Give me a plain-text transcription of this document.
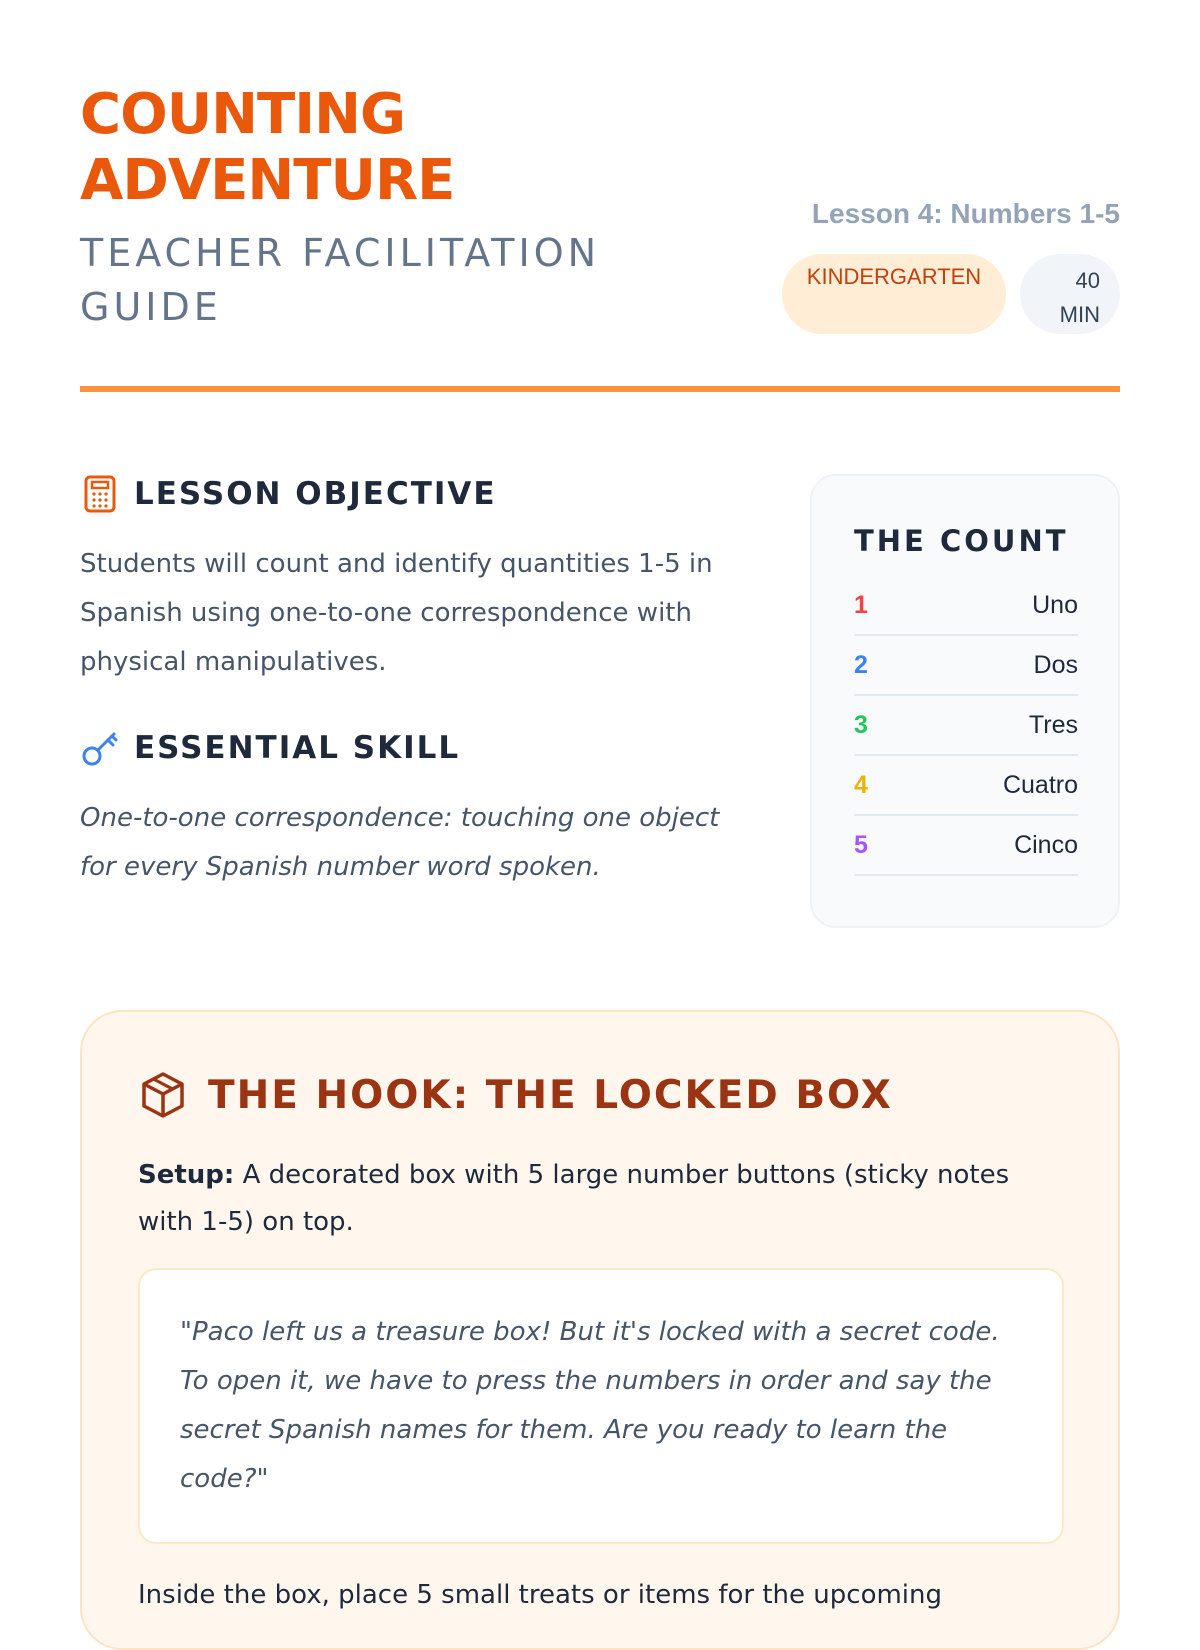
COUNTING
ADVENTURE

TEACHER FACILITATION GUIDE

Lesson 4: Numbers 1-5
KINDERGARTEN	40
MIN
LESSON OBJECTIVE

Students will count and identify quantities 1-5 in Spanish using one-to-one correspondence with physical manipulatives.

ESSENTIAL SKILL

One-to-one correspondence: touching one object for every Spanish number word spoken.

THE COUNT
1	Uno
2	Dos
3	Tres
4	Cuatro
5	Cinco
THE HOOK: THE LOCKED BOX

Setup: A decorated box with 5 large number buttons (sticky notes with 1-5) on top.

"Paco left us a treasure box! But it's locked with a secret code. To open it, we have to press the numbers in order and say the secret Spanish names for them. Are you ready to learn the code?"

Inside the box, place 5 small treats or items for the upcoming
